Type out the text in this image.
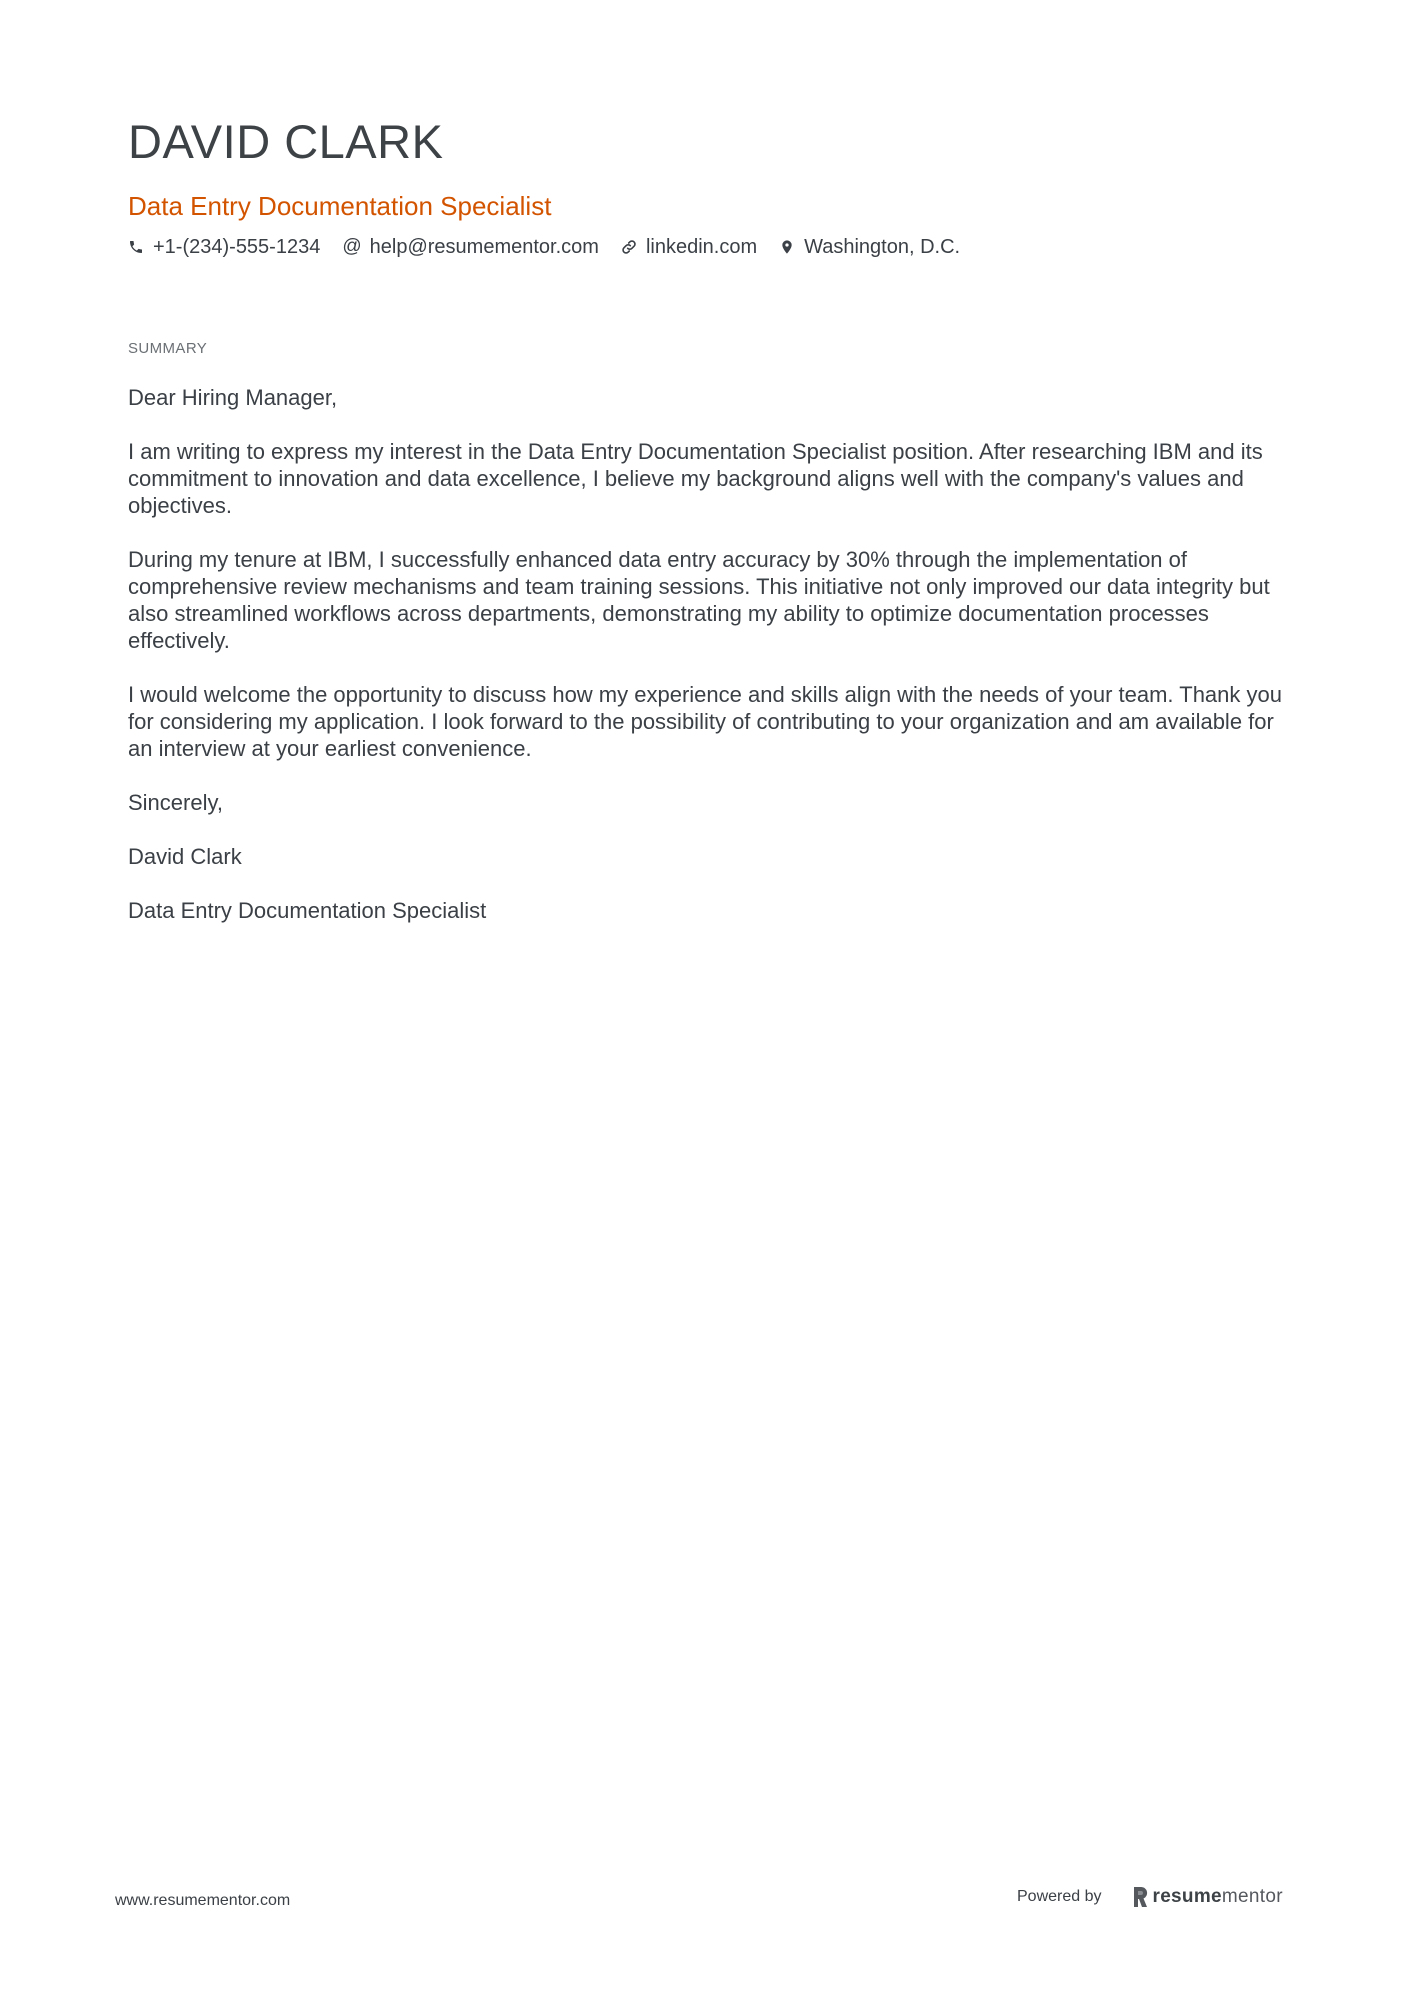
DAVID CLARK
Data Entry Documentation Specialist
+1-(234)-555-1234 @ help@resumementor.com linkedin.com Washington, D.C.
SUMMARY

Dear Hiring Manager,

I am writing to express my interest in the Data Entry Documentation Specialist position. After researching IBM and its commitment to innovation and data excellence, I believe my background aligns well with the company's values and objectives.

During my tenure at IBM, I successfully enhanced data entry accuracy by 30% through the implementation of comprehensive review mechanisms and team training sessions. This initiative not only improved our data integrity but also streamlined workflows across departments, demonstrating my ability to optimize documentation processes effectively.

I would welcome the opportunity to discuss how my experience and skills align with the needs of your team. Thank you for considering my application. I look forward to the possibility of contributing to your organization and am available for an interview at your earliest convenience.

Sincerely,

David Clark

Data Entry Documentation Specialist

www.resumementor.com	Powered by	resume mentor
